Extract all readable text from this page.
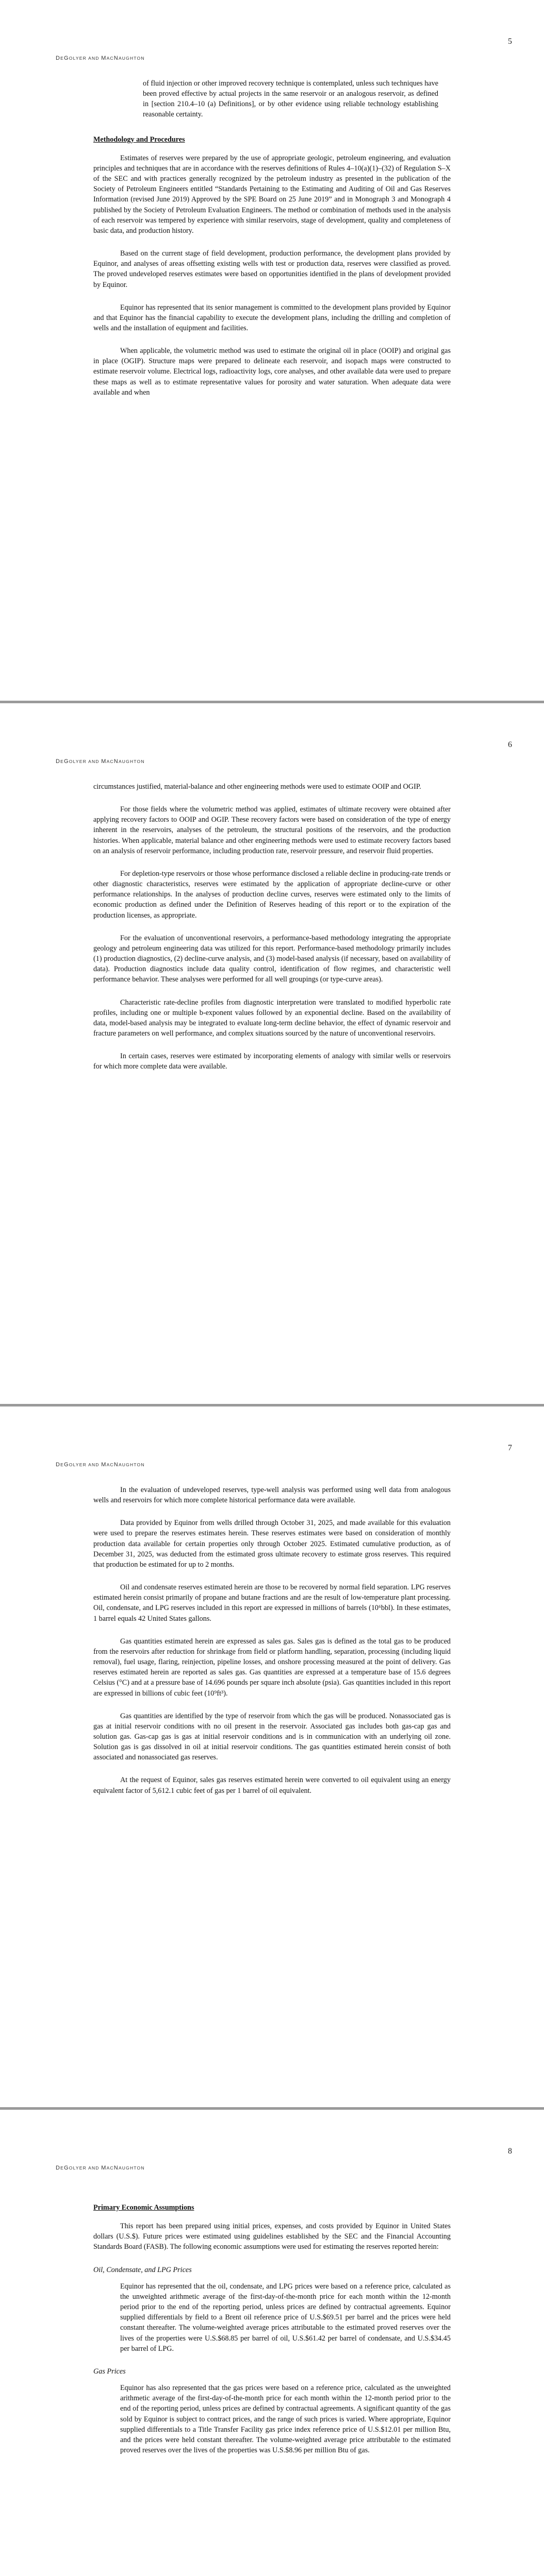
5
DEGOLYER AND MACNAUGHTON

of fluid injection or other improved recovery technique is contemplated, unless such techniques have been proved effective by actual projects in the same reservoir or an analogous reservoir, as defined in [section 210.4–10 (a) Definitions], or by other evidence using reliable technology establishing reasonable certainty.

Methodology and Procedures

Estimates of reserves were prepared by the use of appropriate geologic, petroleum engineering, and evaluation principles and techniques that are in accordance with the reserves definitions of Rules 4–10(a)(1)–(32) of Regulation S–X of the SEC and with practices generally recognized by the petroleum industry as presented in the publication of the Society of Petroleum Engineers entitled “Standards Pertaining to the Estimating and Auditing of Oil and Gas Reserves Information (revised June 2019) Approved by the SPE Board on 25 June 2019” and in Monograph 3 and Monograph 4 published by the Society of Petroleum Evaluation Engineers. The method or combination of methods used in the analysis of each reservoir was tempered by experience with similar reservoirs, stage of development, quality and completeness of basic data, and production history.

Based on the current stage of field development, production performance, the development plans provided by Equinor, and analyses of areas offsetting existing wells with test or production data, reserves were classified as proved. The proved undeveloped reserves estimates were based on opportunities identified in the plans of development provided by Equinor.

Equinor has represented that its senior management is committed to the development plans provided by Equinor and that Equinor has the financial capability to execute the development plans, including the drilling and completion of wells and the installation of equipment and facilities.

When applicable, the volumetric method was used to estimate the original oil in place (OOIP) and original gas in place (OGIP). Structure maps were prepared to delineate each reservoir, and isopach maps were constructed to estimate reservoir volume. Electrical logs, radioactivity logs, core analyses, and other available data were used to prepare these maps as well as to estimate representative values for porosity and water saturation. When adequate data were available and when

6
DEGOLYER AND MACNAUGHTON

circumstances justified, material-balance and other engineering methods were used to estimate OOIP and OGIP.

For those fields where the volumetric method was applied, estimates of ultimate recovery were obtained after applying recovery factors to OOIP and OGIP. These recovery factors were based on consideration of the type of energy inherent in the reservoirs, analyses of the petroleum, the structural positions of the reservoirs, and the production histories. When applicable, material balance and other engineering methods were used to estimate recovery factors based on an analysis of reservoir performance, including production rate, reservoir pressure, and reservoir fluid properties.

For depletion-type reservoirs or those whose performance disclosed a reliable decline in producing-rate trends or other diagnostic characteristics, reserves were estimated by the application of appropriate decline-curve or other performance relationships. In the analyses of production decline curves, reserves were estimated only to the limits of economic production as defined under the Definition of Reserves heading of this report or to the expiration of the production licenses, as appropriate.

For the evaluation of unconventional reservoirs, a performance-based methodology integrating the appropriate geology and petroleum engineering data was utilized for this report. Performance-based methodology primarily includes (1) production diagnostics, (2) decline-curve analysis, and (3) model-based analysis (if necessary, based on availability of data). Production diagnostics include data quality control, identification of flow regimes, and characteristic well performance behavior. These analyses were performed for all well groupings (or type-curve areas).

Characteristic rate-decline profiles from diagnostic interpretation were translated to modified hyperbolic rate profiles, including one or multiple b-exponent values followed by an exponential decline. Based on the availability of data, model-based analysis may be integrated to evaluate long-term decline behavior, the effect of dynamic reservoir and fracture parameters on well performance, and complex situations sourced by the nature of unconventional reservoirs.

In certain cases, reserves were estimated by incorporating elements of analogy with similar wells or reservoirs for which more complete data were available.

7
DEGOLYER AND MACNAUGHTON

In the evaluation of undeveloped reserves, type-well analysis was performed using well data from analogous wells and reservoirs for which more complete historical performance data were available.

Data provided by Equinor from wells drilled through October 31, 2025, and made available for this evaluation were used to prepare the reserves estimates herein. These reserves estimates were based on consideration of monthly production data available for certain properties only through October 2025. Estimated cumulative production, as of December 31, 2025, was deducted from the estimated gross ultimate recovery to estimate gross reserves. This required that production be estimated for up to 2 months.

Oil and condensate reserves estimated herein are those to be recovered by normal field separation. LPG reserves estimated herein consist primarily of propane and butane fractions and are the result of low-temperature plant processing. Oil, condensate, and LPG reserves included in this report are expressed in millions of barrels (10⁶bbl). In these estimates, 1 barrel equals 42 United States gallons.

Gas quantities estimated herein are expressed as sales gas. Sales gas is defined as the total gas to be produced from the reservoirs after reduction for shrinkage from field or platform handling, separation, processing (including liquid removal), fuel usage, flaring, reinjection, pipeline losses, and onshore processing measured at the point of delivery. Gas reserves estimated herein are reported as sales gas. Gas quantities are expressed at a temperature base of 15.6 degrees Celsius (°C) and at a pressure base of 14.696 pounds per square inch absolute (psia). Gas quantities included in this report are expressed in billions of cubic feet (10⁹ft³).

Gas quantities are identified by the type of reservoir from which the gas will be produced. Nonassociated gas is gas at initial reservoir conditions with no oil present in the reservoir. Associated gas includes both gas-cap gas and solution gas. Gas-cap gas is gas at initial reservoir conditions and is in communication with an underlying oil zone. Solution gas is gas dissolved in oil at initial reservoir conditions. The gas quantities estimated herein consist of both associated and nonassociated gas reserves.

At the request of Equinor, sales gas reserves estimated herein were converted to oil equivalent using an energy equivalent factor of 5,612.1 cubic feet of gas per 1 barrel of oil equivalent.

8
DEGOLYER AND MACNAUGHTON
Primary Economic Assumptions

This report has been prepared using initial prices, expenses, and costs provided by Equinor in United States dollars (U.S.$). Future prices were estimated using guidelines established by the SEC and the Financial Accounting Standards Board (FASB). The following economic assumptions were used for estimating the reserves reported herein:

Oil, Condensate, and LPG Prices

Equinor has represented that the oil, condensate, and LPG prices were based on a reference price, calculated as the unweighted arithmetic average of the first-day-of-the-month price for each month within the 12-month period prior to the end of the reporting period, unless prices are defined by contractual agreements. Equinor supplied differentials by field to a Brent oil reference price of U.S.$69.51 per barrel and the prices were held constant thereafter. The volume-weighted average prices attributable to the estimated proved reserves over the lives of the properties were U.S.$68.85 per barrel of oil, U.S.$61.42 per barrel of condensate, and U.S.$34.45 per barrel of LPG.

Gas Prices

Equinor has also represented that the gas prices were based on a reference price, calculated as the unweighted arithmetic average of the first-day-of-the-month price for each month within the 12-month period prior to the end of the reporting period, unless prices are defined by contractual agreements. A significant quantity of the gas sold by Equinor is subject to contract prices, and the range of such prices is varied. Where appropriate, Equinor supplied differentials to a Title Transfer Facility gas price index reference price of U.S.$12.01 per million Btu, and the prices were held constant thereafter. The volume-weighted average price attributable to the estimated proved reserves over the lives of the properties was U.S.$8.96 per million Btu of gas.
